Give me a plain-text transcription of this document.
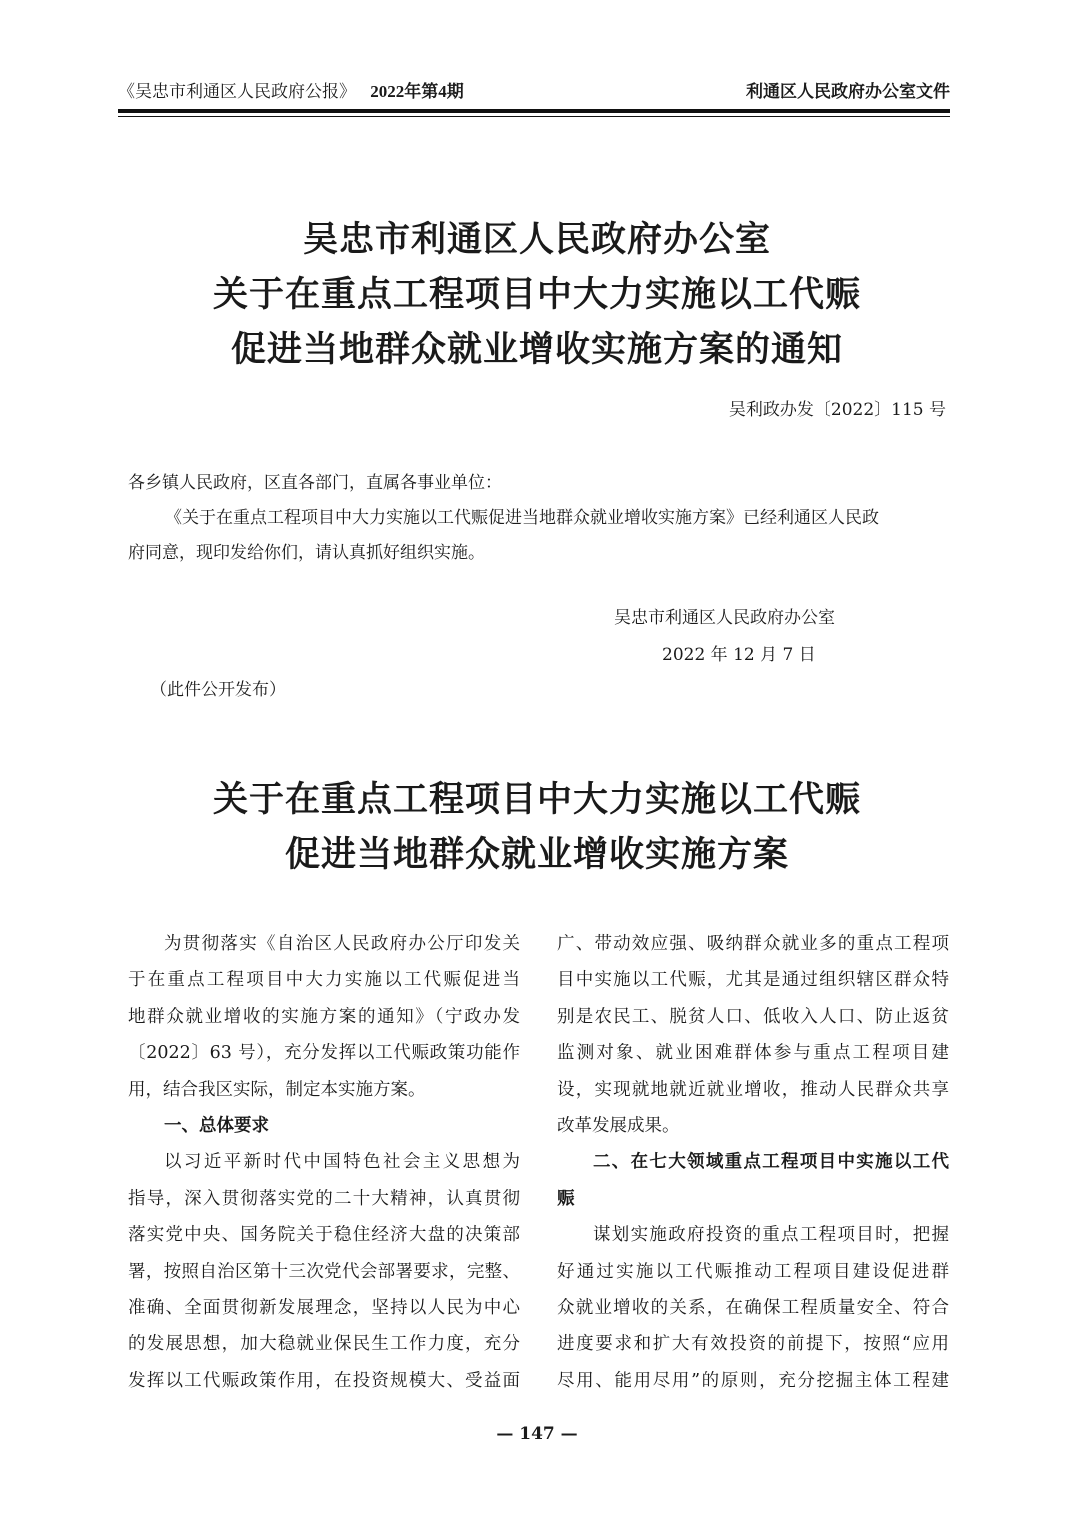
《吴忠市利通区人民政府公报》 2022年第4期	利通区人民政府办公室文件
吴忠市利通区人民政府办公室
关于在重点工程项目中大力实施以工代赈
促进当地群众就业增收实施方案的通知
吴利政办发〔2022〕115 号
各乡镇人民政府，区直各部门，直属各事业单位：
《关于在重点工程项目中大力实施以工代赈促进当地群众就业增收实施方案》已经利通区人民政
府同意，现印发给你们，请认真抓好组织实施。
吴忠市利通区人民政府办公室
2022 年 12 月 7 日
（此件公开发布）
关于在重点工程项目中大力实施以工代赈
促进当地群众就业增收实施方案
为贯彻落实《自治区人民政府办公厅印发关
于在重点工程项目中大力实施以工代赈促进当
地群众就业增收的实施方案的通知》（宁政办发
〔2022〕63 号），充分发挥以工代赈政策功能作
用，结合我区实际，制定本实施方案。
一、总体要求
以习近平新时代中国特色社会主义思想为
指导，深入贯彻落实党的二十大精神，认真贯彻
落实党中央、国务院关于稳住经济大盘的决策部
署，按照自治区第十三次党代会部署要求，完整、
准确、全面贯彻新发展理念，坚持以人民为中心
的发展思想，加大稳就业保民生工作力度，充分
发挥以工代赈政策作用，在投资规模大、受益面
广、带动效应强、吸纳群众就业多的重点工程项
目中实施以工代赈，尤其是通过组织辖区群众特
别是农民工、脱贫人口、低收入人口、防止返贫
监测对象、就业困难群体参与重点工程项目建
设，实现就地就近就业增收，推动人民群众共享
改革发展成果。
二、在七大领域重点工程项目中实施以工代
赈
谋划实施政府投资的重点工程项目时，把握
好通过实施以工代赈推动工程项目建设促进群
众就业增收的关系，在确保工程质量安全、符合
进度要求和扩大有效投资的前提下，按照“应用
尽用、能用尽用”的原则，充分挖掘主体工程建
— 147 —
